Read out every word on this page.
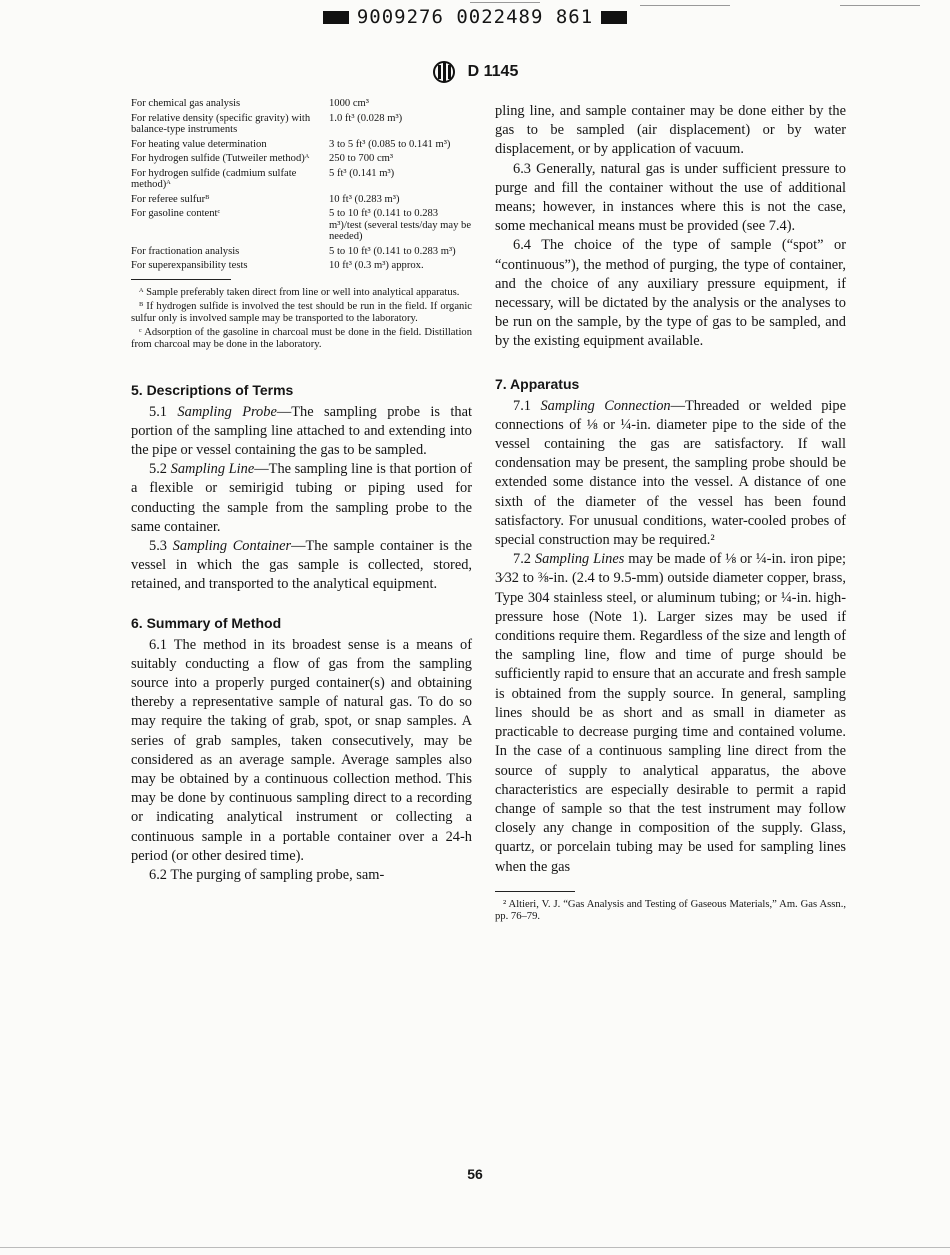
9009276 0022489 861
D 1145
For chemical gas analysis	1000 cm³
For relative density (specific gravity) with balance-type instruments	1.0 ft³ (0.028 m³)
For heating value determination	3 to 5 ft³ (0.085 to 0.141 m³)
For hydrogen sulfide (Tutweiler method)ᴬ	250 to 700 cm³
For hydrogen sulfide (cadmium sulfate method)ᴬ	5 ft³ (0.141 m³)
For referee sulfurᴮ	10 ft³ (0.283 m³)
For gasoline contentᶜ	5 to 10 ft³ (0.141 to 0.283 m³)/test (several tests/day may be needed)
For fractionation analysis	5 to 10 ft³ (0.141 to 0.283 m³)
For superexpansibility tests	10 ft³ (0.3 m³) approx.

ᴬ Sample preferably taken direct from line or well into analytical apparatus.

ᴮ If hydrogen sulfide is involved the test should be run in the field. If organic sulfur only is involved sample may be transported to the laboratory.

ᶜ Adsorption of the gasoline in charcoal must be done in the field. Distillation from charcoal may be done in the laboratory.

5. Descriptions of Terms

5.1 Sampling Probe—The sampling probe is that portion of the sampling line attached to and extending into the pipe or vessel containing the gas to be sampled.

5.2 Sampling Line—The sampling line is that portion of a flexible or semirigid tubing or piping used for conducting the sample from the sampling probe to the same container.

5.3 Sampling Container—The sample container is the vessel in which the gas sample is collected, stored, retained, and transported to the analytical equipment.

6. Summary of Method

6.1 The method in its broadest sense is a means of suitably conducting a flow of gas from the sampling source into a properly purged container(s) and obtaining thereby a representative sample of natural gas. To do so may require the taking of grab, spot, or snap samples. A series of grab samples, taken consecutively, may be considered as an average sample. Average samples also may be obtained by a continuous collection method. This may be done by continuous sampling direct to a recording or indicating analytical instrument or collecting a continuous sample in a portable container over a 24-h period (or other desired time).

6.2 The purging of sampling probe, sam-

pling line, and sample container may be done either by the gas to be sampled (air displacement) or by water displacement, or by application of vacuum.

6.3 Generally, natural gas is under sufficient pressure to purge and fill the container without the use of additional means; however, in instances where this is not the case, some mechanical means must be provided (see 7.4).

6.4 The choice of the type of sample (“spot” or “continuous”), the method of purging, the type of container, and the choice of any auxiliary pressure equipment, if necessary, will be dictated by the analysis or the analyses to be run on the sample, by the type of gas to be sampled, and by the existing equipment available.

7. Apparatus

7.1 Sampling Connection—Threaded or welded pipe connections of ⅛ or ¼-in. diameter pipe to the side of the vessel containing the gas are satisfactory. If wall condensation may be present, the sampling probe should be extended some distance into the vessel. A distance of one sixth of the diameter of the vessel has been found satisfactory. For unusual conditions, water-cooled probes of special construction may be required.²

7.2 Sampling Lines may be made of ⅛ or ¼-in. iron pipe; 3⁄32 to ⅜-in. (2.4 to 9.5-mm) outside diameter copper, brass, Type 304 stainless steel, or aluminum tubing; or ¼-in. high-pressure hose (Note 1). Larger sizes may be used if conditions require them. Regardless of the size and length of the sampling line, flow and time of purge should be sufficiently rapid to ensure that an accurate and fresh sample is obtained from the supply source. In general, sampling lines should be as short and as small in diameter as practicable to decrease purging time and contained volume. In the case of a continuous sampling line direct from the source of supply to analytical apparatus, the above characteristics are especially desirable to permit a rapid change of sample so that the test instrument may follow closely any change in composition of the supply. Glass, quartz, or porcelain tubing may be used for sampling lines when the gas

² Altieri, V. J. “Gas Analysis and Testing of Gaseous Materials,” Am. Gas Assn., pp. 76–79.

56
